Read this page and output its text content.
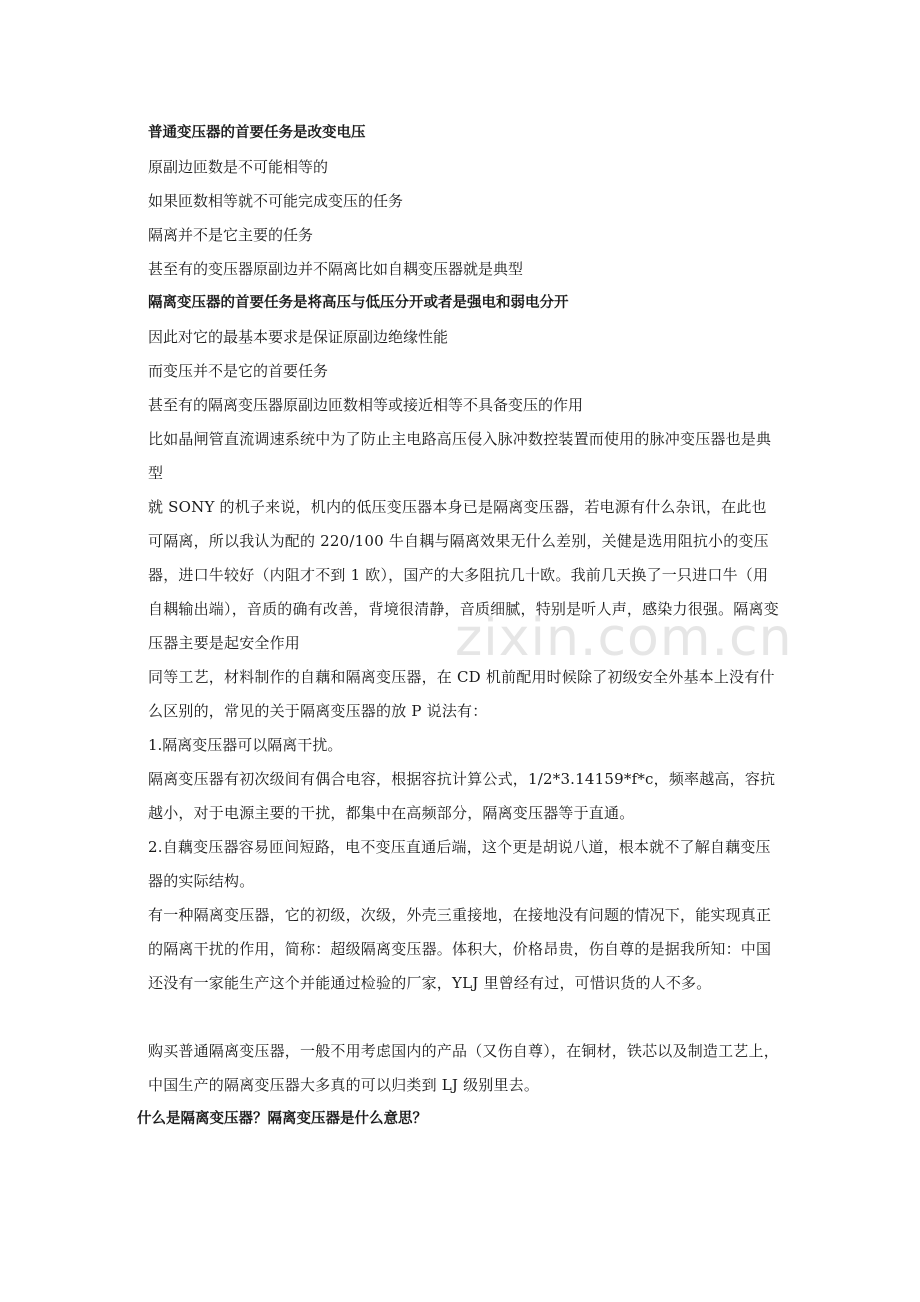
zixin.com.cn
普通变压器的首要任务是改变电压
原副边匝数是不可能相等的
如果匝数相等就不可能完成变压的任务
隔离并不是它主要的任务
甚至有的变压器原副边并不隔离比如自耦变压器就是典型
隔离变压器的首要任务是将高压与低压分开或者是强电和弱电分开
因此对它的最基本要求是保证原副边绝缘性能
而变压并不是它的首要任务
甚至有的隔离变压器原副边匝数相等或接近相等不具备变压的作用
比如晶闸管直流调速系统中为了防止主电路高压侵入脉冲数控装置而使用的脉冲变压器也是典型
就 SONY 的机子来说，机内的低压变压器本身已是隔离变压器，若电源有什么杂讯，在此也可隔离，所以我认为配的 220/100 牛自耦与隔离效果无什么差别，关健是选用阻抗小的变压器，进口牛较好（内阻才不到 1 欧），国产的大多阻抗几十欧。我前几天换了一只进口牛（用自耦输出端），音质的确有改善，背境很清静，音质细腻，特别是听人声，感染力很强。隔离变压器主要是起安全作用
同等工艺，材料制作的自藕和隔离变压器，在 CD 机前配用时候除了初级安全外基本上没有什么区别的，常见的关于隔离变压器的放 P 说法有：
1.隔离变压器可以隔离干扰。
隔离变压器有初次级间有偶合电容，根据容抗计算公式，1/2*3.14159*f*c，频率越高，容抗越小，对于电源主要的干扰，都集中在高频部分，隔离变压器等于直通。
2.自藕变压器容易匝间短路，电不变压直通后端，这个更是胡说八道，根本就不了解自藕变压器的实际结构。
有一种隔离变压器，它的初级，次级，外壳三重接地，在接地没有问题的情况下，能实现真正的隔离干扰的作用，简称：超级隔离变压器。体积大，价格昂贵，伤自尊的是据我所知：中国还没有一家能生产这个并能通过检验的厂家，YLJ 里曾经有过，可惜识货的人不多。
购买普通隔离变压器，一般不用考虑国内的产品（又伤自尊），在铜材，铁芯以及制造工艺上，中国生产的隔离变压器大多真的可以归类到 LJ 级别里去。
什么是隔离变压器？隔离变压器是什么意思？
